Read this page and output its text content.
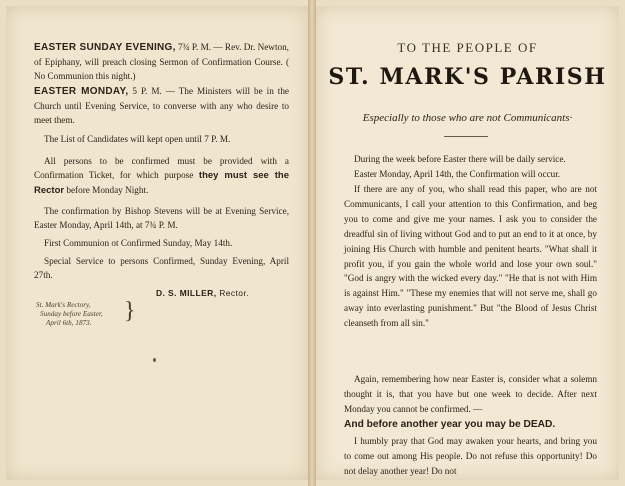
EASTER SUNDAY EVENING, 7¾ P. M. — Rev. Dr. Newton, of Epiphany, will preach closing Sermon of Confirmation Course. ( No Communion this night.)
EASTER MONDAY, 5 P. M. — The Ministers will be in the Church until Evening Service, to converse with any who desire to meet them.
The List of Candidates will kept open until 7 P. M.
All persons to be confirmed must be provided with a Confirmation Ticket, for which purpose they must see the Rector before Monday Night.
The confirmation by Bishop Stevens will be at Evening Service, Easter Monday, April 14th, at 7¾ P. M.
First Communion ot Confirmed Sunday, May 14th.
Special Service to persons Confirmed, Sunday Evening, April 27th.
D. S. MILLER, Rector.
St. Mark's Rectory,
Sunday before Easter,
April 6th, 1873.	}
TO THE PEOPLE OF
ST. MARK'S PARISH
Especially to those who are not Communicants·
During the week before Easter there will be daily service.
Easter Monday, April 14th, the Confirmation will occur.
If there are any of you, who shall read this paper, who are not Communicants, I call your attention to this Confirmation, and beg you to come and give me your names. I ask you to consider the dreadful sin of living without God and to put an end to it at once, by joining His Church with humble and penitent hearts. "What shall it profit you, if you gain the whole world and lose your own soul." "God is angry with the wicked every day." "He that is not with Him is against Him." "These my enemies that will not serve me, shall go away into everlasting punishment." But "the Blood of Jesus Christ cleanseth from all sin."
Again, remembering how near Easter is, consider what a solemn thought it is, that you have but one week to decide. After next Monday you cannot be confirmed. —
And before another year you may be DEAD.
I humbly pray that God may awaken your hearts, and bring you to come out among His people. Do not refuse this opportunity! Do not delay another year! Do not
